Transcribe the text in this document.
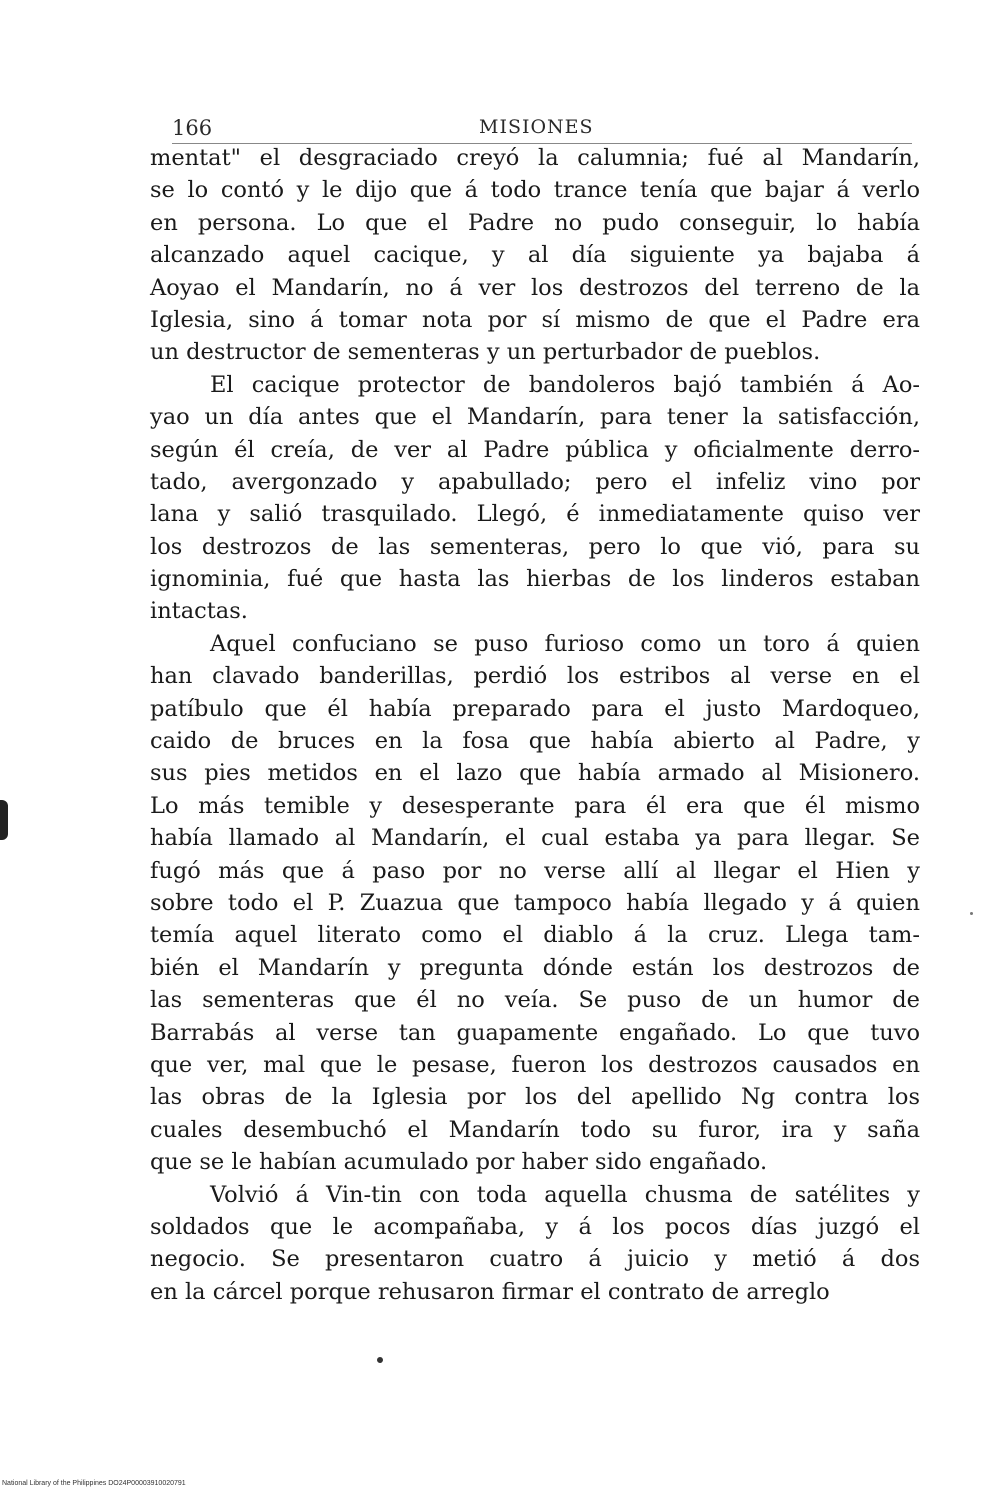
166	MISIONES
mentat" el desgraciado creyó la calumnia; fué al Mandarín,
se lo contó y le dijo que á todo trance tenía que bajar á verlo
en persona. Lo que el Padre no pudo conseguir, lo había
alcanzado aquel cacique, y al día siguiente ya bajaba á
Aoyao el Mandarín, no á ver los destrozos del terreno de la
Iglesia, sino á tomar nota por sí mismo de que el Padre era
un destructor de sementeras y un perturbador de pueblos.
El cacique protector de bandoleros bajó también á Ao-
yao un día antes que el Mandarín, para tener la satisfacción,
según él creía, de ver al Padre pública y oficialmente derro-
tado, avergonzado y apabullado; pero el infeliz vino por
lana y salió trasquilado. Llegó, é inmediatamente quiso ver
los destrozos de las sementeras, pero lo que vió, para su
ignominia, fué que hasta las hierbas de los linderos estaban
intactas.
Aquel confuciano se puso furioso como un toro á quien
han clavado banderillas, perdió los estribos al verse en el
patíbulo que él había preparado para el justo Mardoqueo,
caido de bruces en la fosa que había abierto al Padre, y
sus pies metidos en el lazo que había armado al Misionero.
Lo más temible y desesperante para él era que él mismo
había llamado al Mandarín, el cual estaba ya para llegar. Se
fugó más que á paso por no verse allí al llegar el Hien y
sobre todo el P. Zuazua que tampoco había llegado y á quien
temía aquel literato como el diablo á la cruz. Llega tam-
bién el Mandarín y pregunta dónde están los destrozos de
las sementeras que él no veía. Se puso de un humor de
Barrabás al verse tan guapamente engañado. Lo que tuvo
que ver, mal que le pesase, fueron los destrozos causados en
las obras de la Iglesia por los del apellido Ng contra los
cuales desembuchó el Mandarín todo su furor, ira y saña
que se le habían acumulado por haber sido engañado.
Volvió á Vin-tin con toda aquella chusma de satélites y
soldados que le acompañaba, y á los pocos días juzgó el
negocio. Se presentaron cuatro á juicio y metió á dos
en la cárcel porque rehusaron firmar el contrato de arreglo
National Library of the Philippines DO24P00003910020791
